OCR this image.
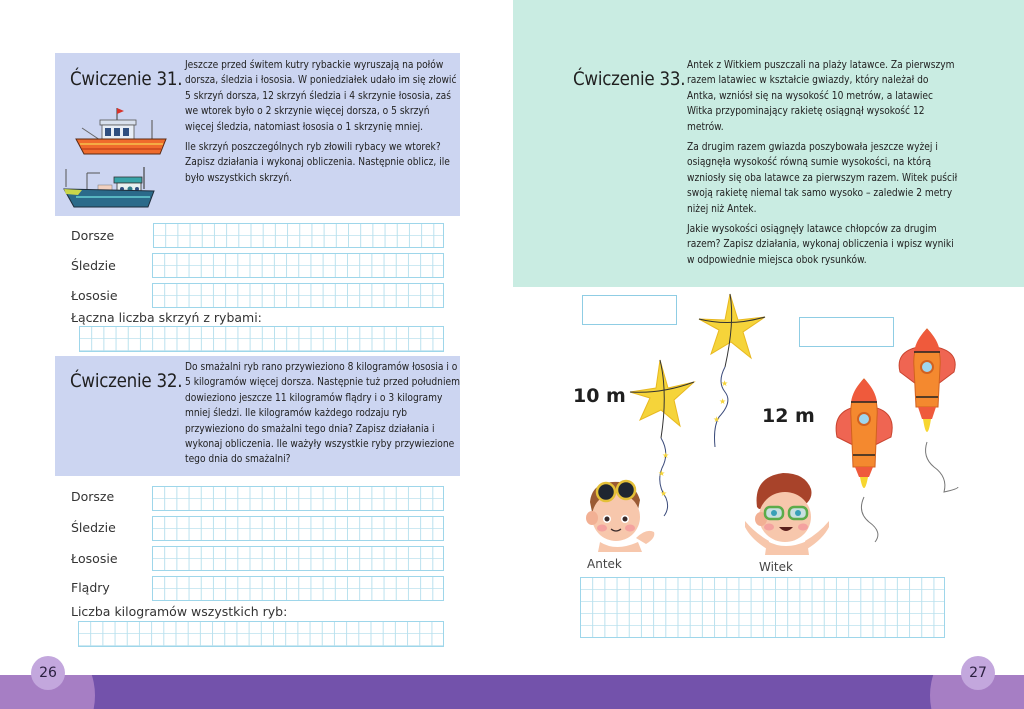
Ćwiczenie 31.

Jeszcze przed świtem kutry rybackie wyruszają na połów dorsza, śledzia i łososia. W poniedziałek udało im się złowić 5 skrzyń dorsza, 12 skrzyń śledzia i 4 skrzynie łososia, zaś we wtorek było o 2 skrzynie więcej dorsza, o 5 skrzyń więcej śledzia, natomiast łososia o 1 skrzynię mniej.

Ile skrzyń poszczególnych ryb złowili rybacy we wtorek? Zapisz działania i wykonaj obliczenia. Następnie oblicz, ile było wszystkich skrzyń.

Dorsze
Śledzie
Łososie
Łączna liczba skrzyń z rybami:
Ćwiczenie 32.

Do smażalni ryb rano przywieziono 8 kilogramów łososia i o 5 kilogramów więcej dorsza. Następnie tuż przed południem dowieziono jeszcze 11 kilogramów flądry i o 3 kilogramy mniej śledzi. Ile kilogramów każdego rodzaju ryb przywieziono do smażalni tego dnia? Zapisz działania i wykonaj obliczenia. Ile ważyły wszystkie ryby przywiezione tego dnia do smażalni?

Dorsze
Śledzie
Łososie
Flądry
Liczba kilogramów wszystkich ryb:
Ćwiczenie 33.

Antek z Witkiem puszczali na plaży latawce. Za pierwszym razem latawiec w kształcie gwiazdy, który należał do Antka, wzniósł się na wysokość 10 metrów, a latawiec Witka przypominający rakietę osiągnął wysokość 12 metrów.

Za drugim razem gwiazda poszybowała jeszcze wyżej i osiągnęła wysokość równą sumie wysokości, na którą wzniosły się oba latawce za pierwszym razem. Witek puścił swoją rakietę niemal tak samo wysoko – zaledwie 2 metry niżej niż Antek.

Jakie wysokości osiągnęły latawce chłopców za drugim razem? Zapisz działania, wykonaj obliczenia i wpisz wyniki w odpowiednie miejsca obok rysunków.

10 m
12 m
★
★
★
★
★
★
Antek	Witek
26	27
